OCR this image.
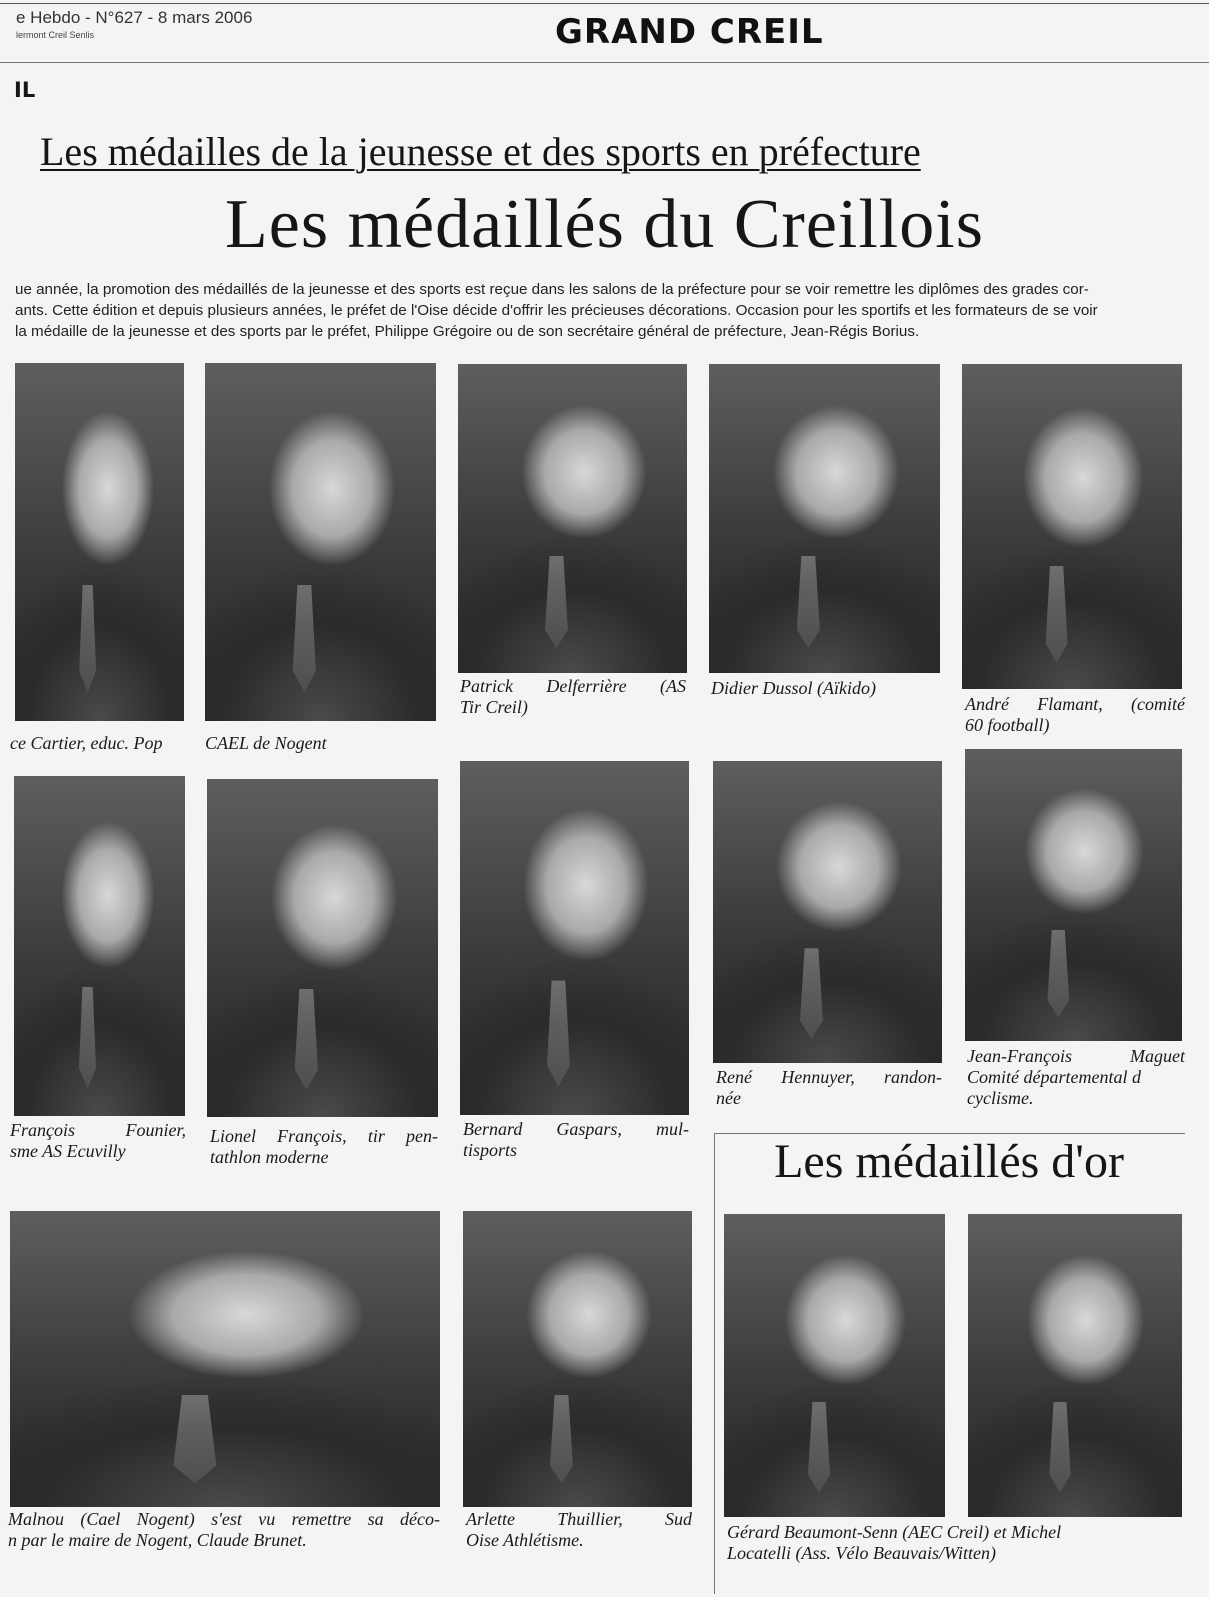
e Hebdo - N°627 - 8 mars 2006
lermont Creil Senlis	GRAND CREIL
IL
Les médailles de la jeunesse et des sports en préfecture
Les médaillés du Creillois
ue année, la promotion des médaillés de la jeunesse et des sports est reçue dans les salons de la préfecture pour se voir remettre les diplômes des grades cor-
ants. Cette édition et depuis plusieurs années, le préfet de l'Oise décide d'offrir les précieuses décorations. Occasion pour les sportifs et les formateurs de se voir
la médaille de la jeunesse et des sports par le préfet, Philippe Grégoire ou de son secrétaire général de préfecture, Jean-Régis Borius.
ce Cartier, educ. Pop	CAEL de Nogent
Patrick Delferrière (AS
Tir Creil)
Didier Dussol (Aïkido)
André Flamant, (comité
60 football)
François Founier,
sme AS Ecuvilly
Lionel François, tir pen-
tathlon moderne
Bernard Gaspars, mul-
tisports
René Hennuyer, randon-
née
Jean-François Maguet
Comité départemental d
cyclisme.
Malnou (Cael Nogent) s'est vu remettre sa déco-
n par le maire de Nogent, Claude Brunet.
Arlette Thuillier, Sud
Oise Athlétisme.
Les médaillés d'or
Gérard Beaumont-Senn (AEC Creil) et Michel
Locatelli (Ass. Vélo Beauvais/Witten)
